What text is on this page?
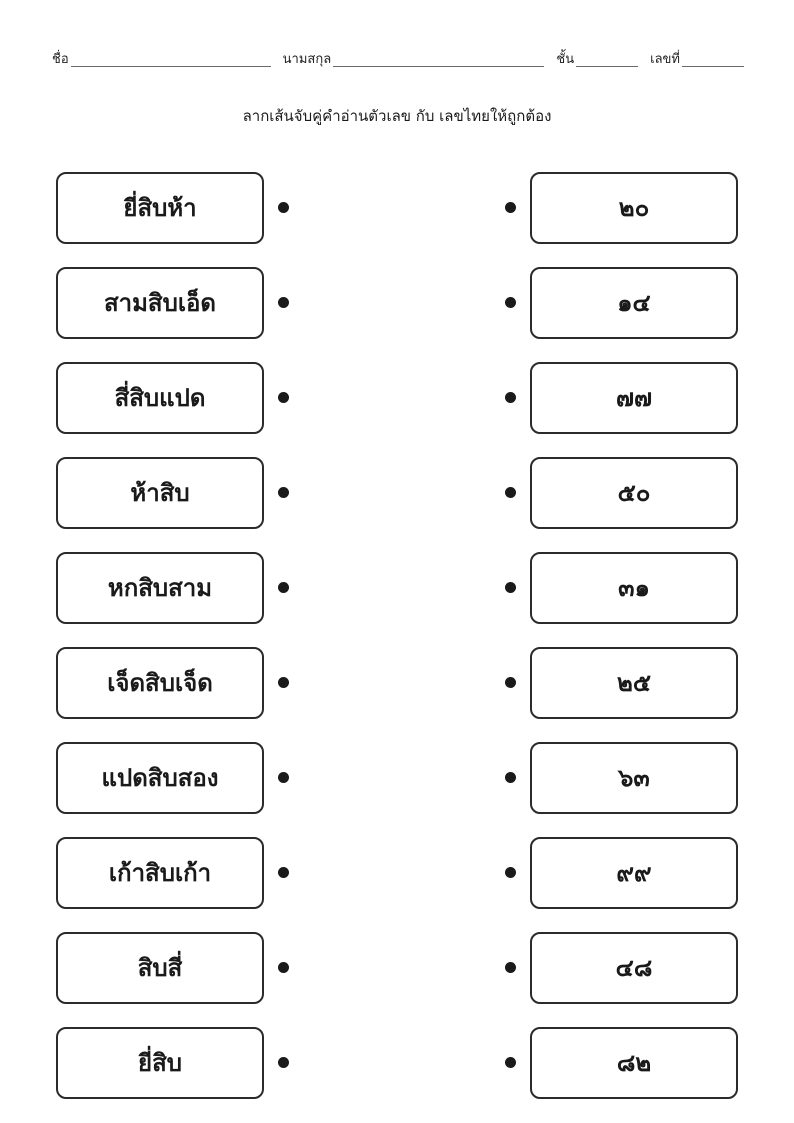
ชื่อ	นามสกุล	ชั้น	เลขที่
ลากเส้นจับคู่คำอ่านตัวเลข กับ เลขไทยให้ถูกต้อง
ยี่สิบห้า	๒๐
สามสิบเอ็ด	๑๔
สี่สิบแปด	๗๗
ห้าสิบ	๕๐
หกสิบสาม	๓๑
เจ็ดสิบเจ็ด	๒๕
แปดสิบสอง	๖๓
เก้าสิบเก้า	๙๙
สิบสี่	๔๘
ยี่สิบ	๘๒
